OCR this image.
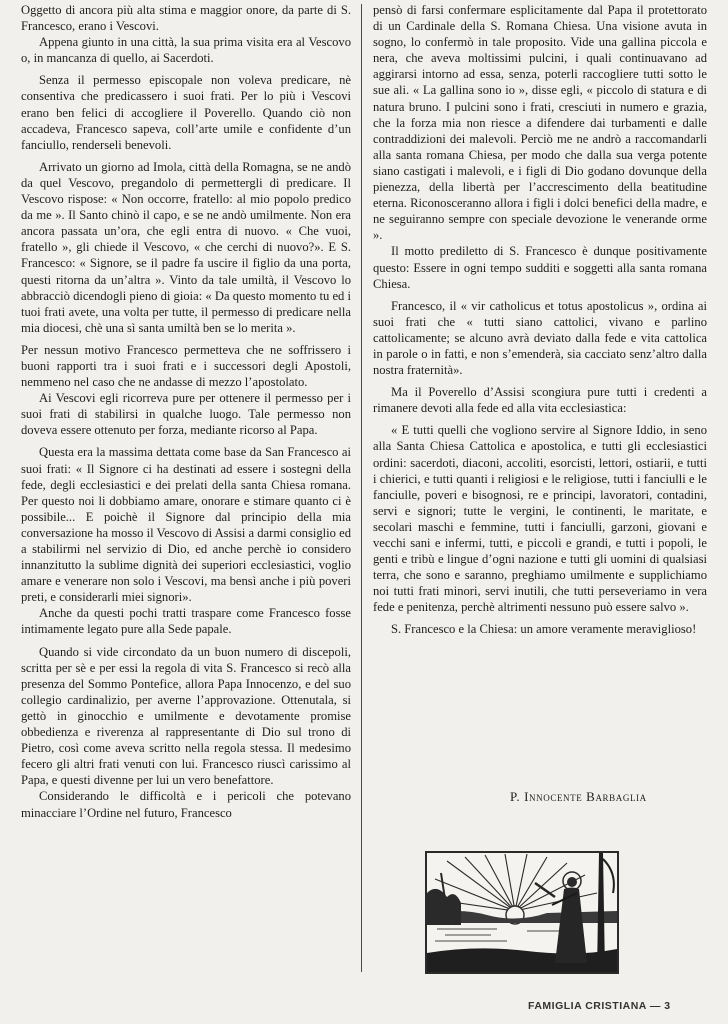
Oggetto di ancora più alta stima e maggior onore, da parte di S. Francesco, erano i Vescovi.

Appena giunto in una città, la sua prima visita era al Vescovo o, in mancanza di quello, ai Sacerdoti.

Senza il permesso episcopale non voleva predicare, nè consentiva che predicassero i suoi frati. Per lo più i Vescovi erano ben felici di accogliere il Poverello. Quando ciò non accadeva, Francesco sapeva, coll’arte umile e confidente d’un fanciullo, renderseli benevoli.

Arrivato un giorno ad Imola, città della Romagna, se ne andò da quel Vescovo, pregandolo di permettergli di predicare. Il Vescovo rispose: « Non occorre, fratello: al mio popolo predico da me ». Il Santo chinò il capo, e se ne andò umilmente. Non era ancora passata un’ora, che egli entra di nuovo. « Che vuoi, fratello », gli chiede il Vescovo, « che cerchi di nuovo?». E S. Francesco: « Signore, se il padre fa uscire il figlio da una porta, questi ritorna da un’altra ». Vinto da tale umiltà, il Vescovo lo abbracciò dicendogli pieno di gioia: « Da questo momento tu ed i tuoi frati avete, una volta per tutte, il permesso di predicare nella mia diocesi, chè una sì santa umiltà ben se lo merita ».

Per nessun motivo Francesco permetteva che ne soffrissero i buoni rapporti tra i suoi frati e i successori degli Apostoli, nemmeno nel caso che ne andasse di mezzo l’apostolato.

Ai Vescovi egli ricorreva pure per ottenere il permesso per i suoi frati di stabilirsi in qualche luogo. Tale permesso non doveva essere ottenuto per forza, mediante ricorso al Papa.

Questa era la massima dettata come base da San Francesco ai suoi frati: « Il Signore ci ha destinati ad essere i sostegni della fede, degli ecclesiastici e dei prelati della santa Chiesa romana. Per questo noi li dobbiamo amare, onorare e stimare quanto ci è possibile... E poichè il Signore dal principio della mia conversazione ha mosso il Vescovo di Assisi a darmi consiglio ed a stabilirmi nel servizio di Dio, ed anche perchè io considero innanzitutto la sublime dignità dei superiori ecclesiastici, voglio amare e venerare non solo i Vescovi, ma bensì anche i più poveri preti, e considerarli miei signori».

Anche da questi pochi tratti traspare come Francesco fosse intimamente legato pure alla Sede papale.

Quando si vide circondato da un buon numero di discepoli, scritta per sè e per essi la regola di vita S. Francesco si recò alla presenza del Sommo Pontefice, allora Papa Innocenzo, e del suo collegio cardinalizio, per averne l’approvazione. Ottenutala, si gettò in ginocchio e umilmente e devotamente promise obbedienza e riverenza al rappresentante di Dio sul trono di Pietro, così come aveva scritto nella regola stessa. Il medesimo fecero gli altri frati venuti con lui. Francesco riuscì carissimo al Papa, e questi divenne per lui un vero benefattore.

Considerando le difficoltà e i pericoli che potevano minacciare l’Ordine nel futuro, Francesco

pensò di farsi confermare esplicitamente dal Papa il protettorato di un Cardinale della S. Romana Chiesa. Una visione avuta in sogno, lo confermò in tale proposito. Vide una gallina piccola e nera, che aveva moltissimi pulcini, i quali continuavano ad aggirarsi intorno ad essa, senza, poterli raccogliere tutti sotto le sue ali. « La gallina sono io », disse egli, « piccolo di statura e di natura bruno. I pulcini sono i frati, cresciuti in numero e grazia, che la forza mia non riesce a difendere dai turbamenti e dalle contraddizioni dei malevoli. Perciò me ne andrò a raccomandarli alla santa romana Chiesa, per modo che dalla sua verga potente siano castigati i malevoli, e i figli di Dio godano dovunque della pienezza, della libertà per l’accrescimento della beatitudine eterna. Riconosceranno allora i figli i dolci benefici della madre, e ne seguiranno sempre con speciale devozione le venerande orme ».

Il motto prediletto di S. Francesco è dunque positivamente questo: Essere in ogni tempo sudditi e soggetti alla santa romana Chiesa.

Francesco, il « vir catholicus et totus apostolicus », ordina ai suoi frati che « tutti siano cattolici, vivano e parlino cattolicamente; se alcuno avrà deviato dalla fede e vita cattolica in parole o in fatti, e non s’emenderà, sia cacciato senz’altro dalla nostra fraternità».

Ma il Poverello d’Assisi scongiura pure tutti i credenti a rimanere devoti alla fede ed alla vita ecclesiastica:

« E tutti quelli che vogliono servire al Signore Iddio, in seno alla Santa Chiesa Cattolica e apostolica, e tutti gli ecclesiastici ordini: sacerdoti, diaconi, accoliti, esorcisti, lettori, ostiarii, e tutti i chierici, e tutti quanti i religiosi e le religiose, tutti i fanciulli e le fanciulle, poveri e bisognosi, re e principi, lavoratori, contadini, servi e signori; tutte le vergini, le continenti, le maritate, e secolari maschi e femmine, tutti i fanciulli, garzoni, giovani e vecchi sani e infermi, tutti, e piccoli e grandi, e tutti i popoli, le genti e tribù e lingue d’ogni nazione e tutti gli uomini di qualsiasi terra, che sono e saranno, preghiamo umilmente e supplichiamo noi tutti frati minori, servi inutili, che tutti perseveriamo in vera fede e penitenza, perchè altrimenti nessuno può essere salvo ».

S. Francesco e la Chiesa: un amore veramente meraviglioso!

P. Innocente Barbaglia
FAMIGLIA CRISTIANA — 3
